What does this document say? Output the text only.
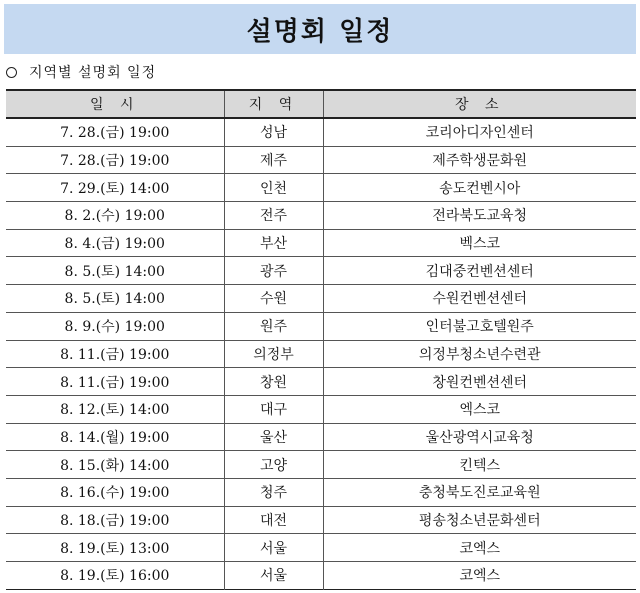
설명회 일정
지역별 설명회 일정
일 시	지 역	장 소
7. 28.(금) 19:00	성남	코리아디자인센터
7. 28.(금) 19:00	제주	제주학생문화원
7. 29.(토) 14:00	인천	송도컨벤시아
8. 2.(수) 19:00	전주	전라북도교육청
8. 4.(금) 19:00	부산	벡스코
8. 5.(토) 14:00	광주	김대중컨벤션센터
8. 5.(토) 14:00	수원	수원컨벤션센터
8. 9.(수) 19:00	원주	인터불고호텔원주
8. 11.(금) 19:00	의정부	의정부청소년수련관
8. 11.(금) 19:00	창원	창원컨벤션센터
8. 12.(토) 14:00	대구	엑스코
8. 14.(월) 19:00	울산	울산광역시교육청
8. 15.(화) 14:00	고양	킨텍스
8. 16.(수) 19:00	청주	충청북도진로교육원
8. 18.(금) 19:00	대전	평송청소년문화센터
8. 19.(토) 13:00	서울	코엑스
8. 19.(토) 16:00	서울	코엑스
